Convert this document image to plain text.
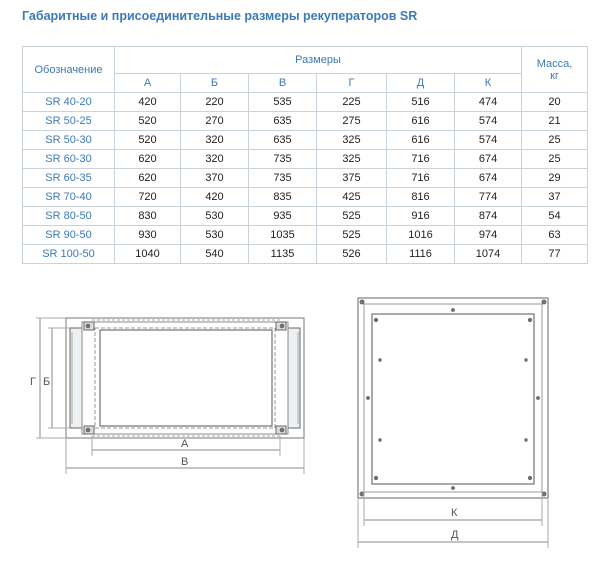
Габаритные и присоединительные размеры рекуператоров SR
Обозначение	Размеры						Масса,
кг
	А	Б	В	Г	Д	К	
SR 40-20	420	220	535	225	516	474	20
SR 50-25	520	270	635	275	616	574	21
SR 50-30	520	320	635	325	616	574	25
SR 60-30	620	320	735	325	716	674	25
SR 60-35	620	370	735	375	716	674	29
SR 70-40	720	420	835	425	816	774	37
SR 80-50	830	530	935	525	916	874	54
SR 90-50	930	530	1035	525	1016	974	63
SR 100-50	1040	540	1135	526	1116	1074	77
Г Б
А
В
К
Д
